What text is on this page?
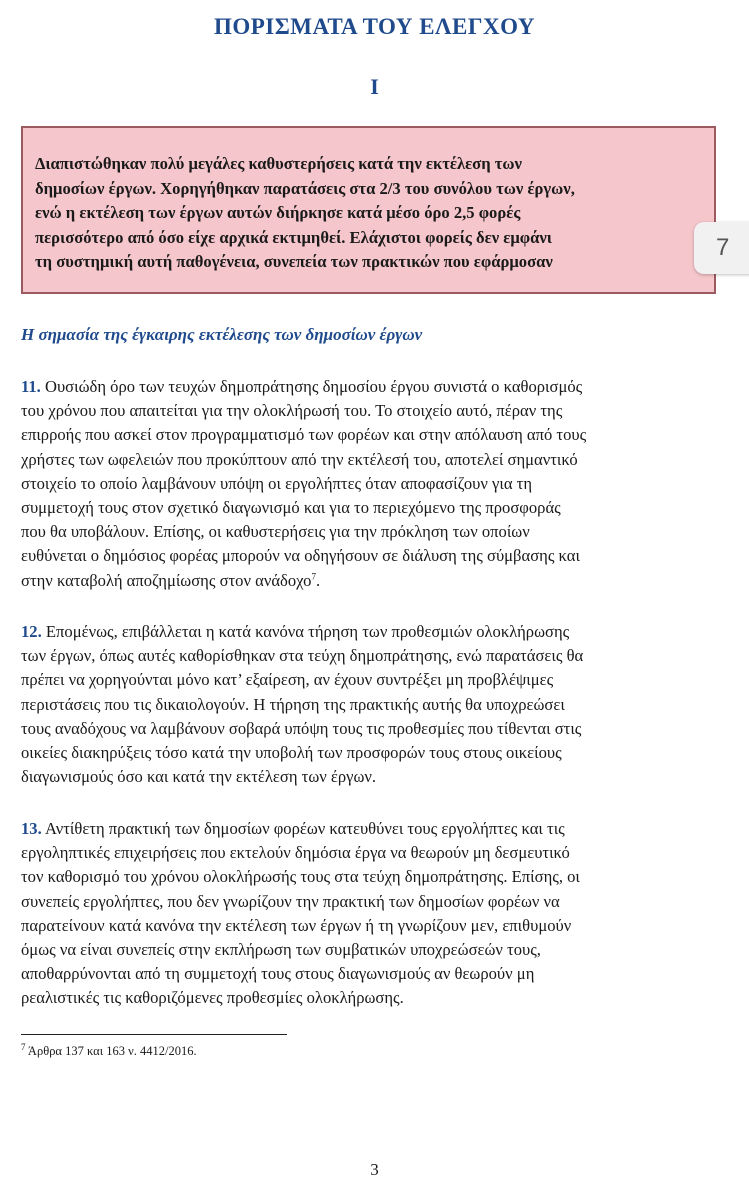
ΠΟΡΙΣΜΑΤΑ ΤΟΥ ΕΛΕΓΧΟΥ
I

Διαπιστώθηκαν πολύ μεγάλες καθυστερήσεις κατά την εκτέλεση των
δημοσίων έργων. Χορηγήθηκαν παρατάσεις στα 2/3 του συνόλου των έργων,
ενώ η εκτέλεση των έργων αυτών διήρκησε κατά μέσο όρο 2,5 φορές
περισσότερο από όσο είχε αρχικά εκτιμηθεί. Ελάχιστοι φορείς δεν εμφάνι
τη συστημική αυτή παθογένεια, συνεπεία των πρακτικών που εφάρμοσαν

7
Η σημασία της έγκαιρης εκτέλεσης των δημοσίων έργων

11. Ουσιώδη όρο των τευχών δημοπράτησης δημοσίου έργου συνιστά ο καθορισμός
του χρόνου που απαιτείται για την ολοκλήρωσή του. Το στοιχείο αυτό, πέραν της
επιρροής που ασκεί στον προγραμματισμό των φορέων και στην απόλαυση από τους
χρήστες των ωφελειών που προκύπτουν από την εκτέλεσή του, αποτελεί σημαντικό
στοιχείο το οποίο λαμβάνουν υπόψη οι εργολήπτες όταν αποφασίζουν για τη
συμμετοχή τους στον σχετικό διαγωνισμό και για το περιεχόμενο της προσφοράς
που θα υποβάλουν. Επίσης, οι καθυστερήσεις για την πρόκληση των οποίων
ευθύνεται ο δημόσιος φορέας μπορούν να οδηγήσουν σε διάλυση της σύμβασης και
στην καταβολή αποζημίωσης στον ανάδοχο$^7$.

12. Επομένως, επιβάλλεται η κατά κανόνα τήρηση των προθεσμιών ολοκλήρωσης
των έργων, όπως αυτές καθορίσθηκαν στα τεύχη δημοπράτησης, ενώ παρατάσεις θα
πρέπει να χορηγούνται μόνο κατ’ εξαίρεση, αν έχουν συντρέξει μη προβλέψιμες
περιστάσεις που τις δικαιολογούν. Η τήρηση της πρακτικής αυτής θα υποχρεώσει
τους αναδόχους να λαμβάνουν σοβαρά υπόψη τους τις προθεσμίες που τίθενται στις
οικείες διακηρύξεις τόσο κατά την υποβολή των προσφορών τους στους οικείους
διαγωνισμούς όσο και κατά την εκτέλεση των έργων.

13. Αντίθετη πρακτική των δημοσίων φορέων κατευθύνει τους εργολήπτες και τις
εργοληπτικές επιχειρήσεις που εκτελούν δημόσια έργα να θεωρούν μη δεσμευτικό
τον καθορισμό του χρόνου ολοκλήρωσής τους στα τεύχη δημοπράτησης. Επίσης, οι
συνεπείς εργολήπτες, που δεν γνωρίζουν την πρακτική των δημοσίων φορέων να
παρατείνουν κατά κανόνα την εκτέλεση των έργων ή τη γνωρίζουν μεν, επιθυμούν
όμως να είναι συνεπείς στην εκπλήρωση των συμβατικών υποχρεώσεών τους,
αποθαρρύνονται από τη συμμετοχή τους στους διαγωνισμούς αν θεωρούν μη
ρεαλιστικές τις καθοριζόμενες προθεσμίες ολοκλήρωσης.

$^7$ Άρθρα 137 και 163 ν. 4412/2016.
3
